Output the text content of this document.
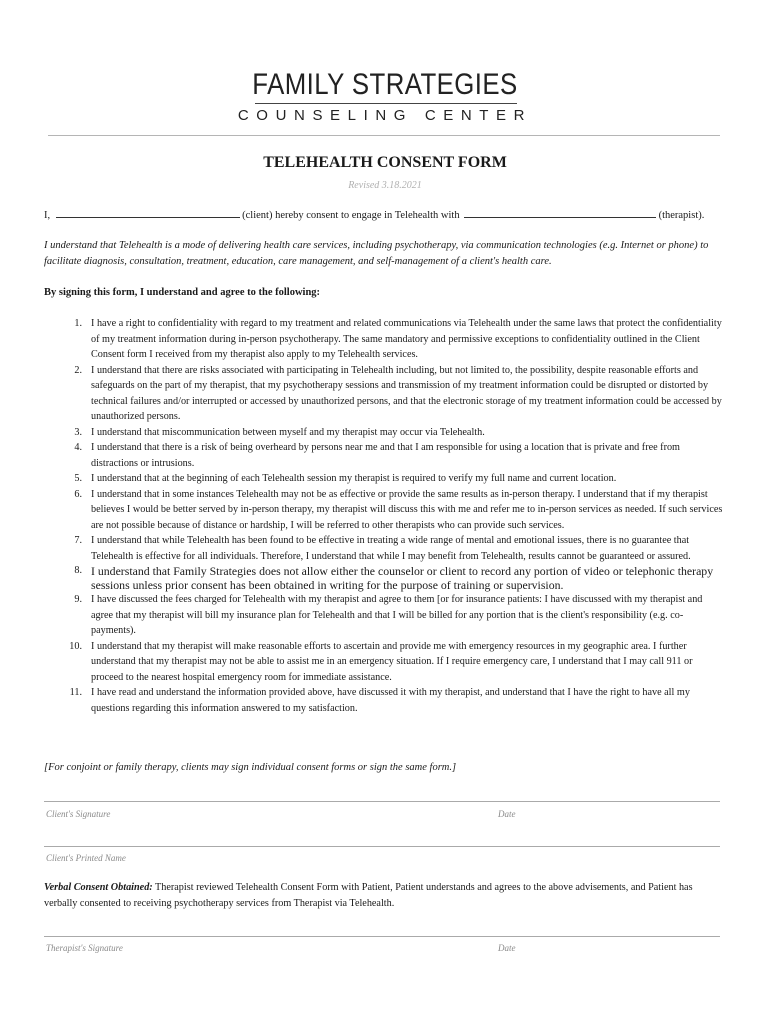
FAMILY STRATEGIES
COUNSELING CENTER
TELEHEALTH CONSENT FORM
Revised 3.18.2021
I,	(client) hereby consent to engage in Telehealth with	(therapist).
I understand that Telehealth is a mode of delivering health care services, including psychotherapy, via communication technologies (e.g. Internet or phone) to facilitate diagnosis, consultation, treatment, education, care management, and self-management of a client's health care.
By signing this form, I understand and agree to the following:
1. I have a right to confidentiality with regard to my treatment and related communications via Telehealth under the same laws that protect the confidentiality of my treatment information during in-person psychotherapy. The same mandatory and permissive exceptions to confidentiality outlined in the Client Consent form I received from my therapist also apply to my Telehealth services.
2. I understand that there are risks associated with participating in Telehealth including, but not limited to, the possibility, despite reasonable efforts and safeguards on the part of my therapist, that my psychotherapy sessions and transmission of my treatment information could be disrupted or distorted by technical failures and/or interrupted or accessed by unauthorized persons, and that the electronic storage of my treatment information could be accessed by unauthorized persons.
3. I understand that miscommunication between myself and my therapist may occur via Telehealth.
4. I understand that there is a risk of being overheard by persons near me and that I am responsible for using a location that is private and free from distractions or intrusions.
5. I understand that at the beginning of each Telehealth session my therapist is required to verify my full name and current location.
6. I understand that in some instances Telehealth may not be as effective or provide the same results as in-person therapy. I understand that if my therapist believes I would be better served by in-person therapy, my therapist will discuss this with me and refer me to in-person services as needed. If such services are not possible because of distance or hardship, I will be referred to other therapists who can provide such services.
7. I understand that while Telehealth has been found to be effective in treating a wide range of mental and emotional issues, there is no guarantee that Telehealth is effective for all individuals. Therefore, I understand that while I may benefit from Telehealth, results cannot be guaranteed or assured.
8. I understand that Family Strategies does not allow either the counselor or client to record any portion of video or telephonic therapy sessions unless prior consent has been obtained in writing for the purpose of training or supervision.
9. I have discussed the fees charged for Telehealth with my therapist and agree to them [or for insurance patients: I have discussed with my therapist and agree that my therapist will bill my insurance plan for Telehealth and that I will be billed for any portion that is the client's responsibility (e.g. co-payments).
10. I understand that my therapist will make reasonable efforts to ascertain and provide me with emergency resources in my geographic area. I further understand that my therapist may not be able to assist me in an emergency situation. If I require emergency care, I understand that I may call 911 or proceed to the nearest hospital emergency room for immediate assistance.
11. I have read and understand the information provided above, have discussed it with my therapist, and understand that I have the right to have all my questions regarding this information answered to my satisfaction.
[For conjoint or family therapy, clients may sign individual consent forms or sign the same form.]
Client's Signature	Date
Client's Printed Name
Verbal Consent Obtained: Therapist reviewed Telehealth Consent Form with Patient, Patient understands and agrees to the above advisements, and Patient has verbally consented to receiving psychotherapy services from Therapist via Telehealth.
Therapist's Signature	Date
